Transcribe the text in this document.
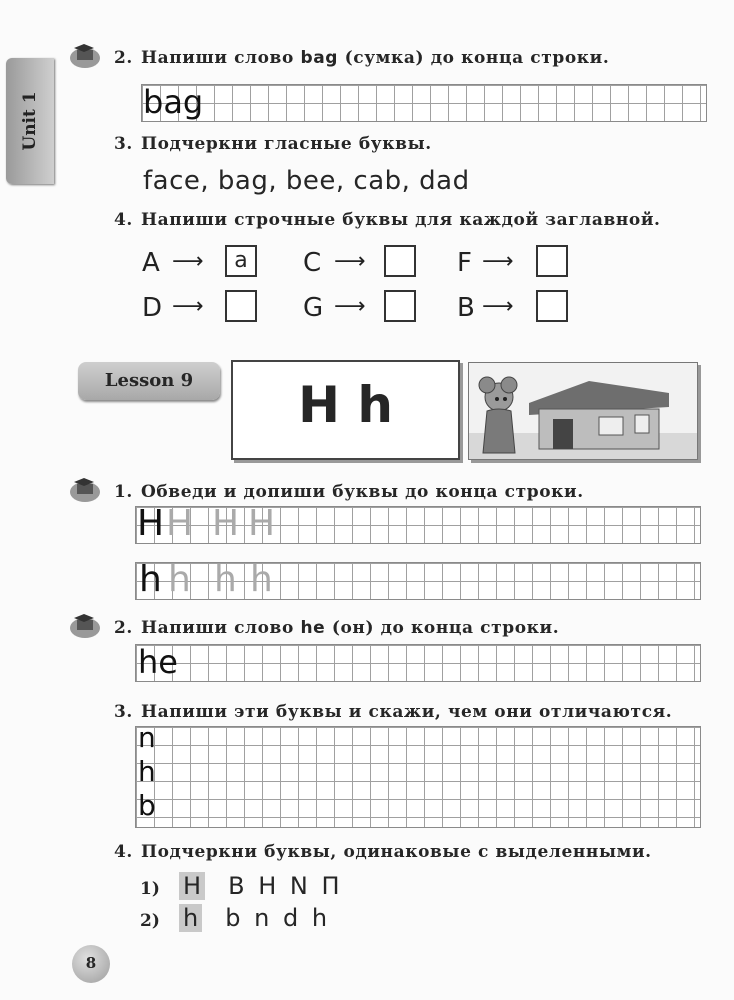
Unit 1
2. Напиши слово bag (сумка) до конца строки.
bag
3. Подчеркни гласные буквы.
face, bag, bee, cab, dad
4. Напиши строчные буквы для каждой заглавной.
A ⟶	a	C ⟶	F ⟶
D ⟶	G ⟶	B ⟶
Lesson 9	H h
1. Обведи и допиши буквы до конца строки.
H H H H
h h h h
2. Напиши слово he (он) до конца строки.
he
3. Напиши эти буквы и скажи, чем они отличаются.
n
h
b
4. Подчеркни буквы, одинаковые с выделенными.
1) H B H N П
2) h b n d h
8
